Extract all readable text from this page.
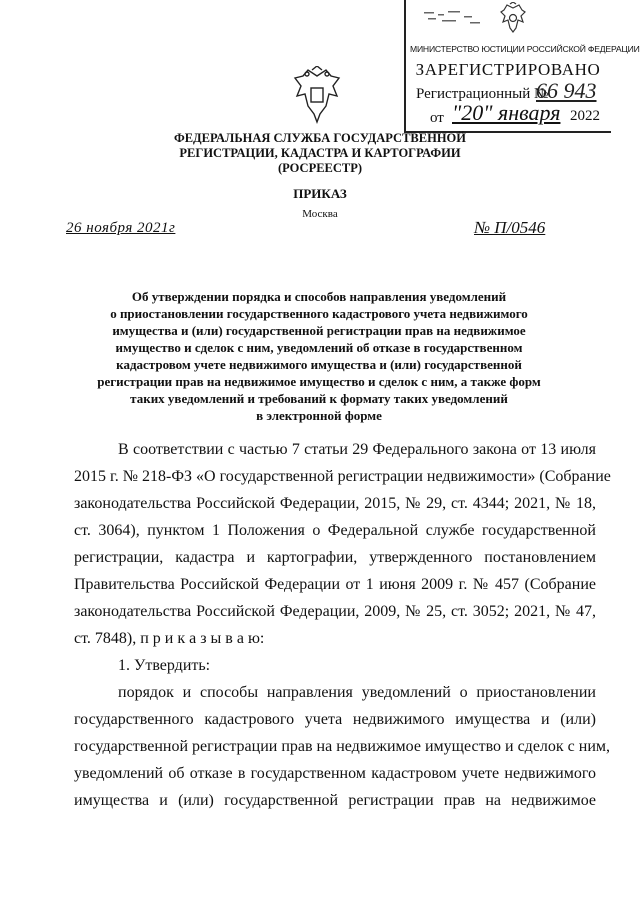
МИНИСТЕРСТВО ЮСТИЦИИ РОССИЙСКОЙ ФЕДЕРАЦИИ
ЗАРЕГИСТРИРОВАНО
Регистрационный №
66 943
от "20" января 2022
ФЕДЕРАЛЬНАЯ СЛУЖБА ГОСУДАРСТВЕННОЙ
РЕГИСТРАЦИИ, КАДАСТРА И КАРТОГРАФИИ
(РОСРЕЕСТР)
ПРИКАЗ
Москва
26 ноября 2021г	№ П/0546
Об утверждении порядка и способов направления уведомлений
о приостановлении государственного кадастрового учета недвижимого
имущества и (или) государственной регистрации прав на недвижимое
имущество и сделок с ним, уведомлений об отказе в государственном
кадастровом учете недвижимого имущества и (или) государственной
регистрации прав на недвижимое имущество и сделок с ним, а также форм
таких уведомлений и требований к формату таких уведомлений
в электронной форме
В соответствии с частью 7 статьи 29 Федерального закона от 13 июля
2015 г. № 218-ФЗ «О государственной регистрации недвижимости» (Собрание
законодательства Российской Федерации, 2015, № 29, ст. 4344; 2021, № 18,
ст. 3064), пунктом 1 Положения о Федеральной службе государственной
регистрации, кадастра и картографии, утвержденного постановлением
Правительства Российской Федерации от 1 июня 2009 г. № 457 (Собрание
законодательства Российской Федерации, 2009, № 25, ст. 3052; 2021, № 47,
ст. 7848), п р и к а з ы в а ю:
1. Утвердить:
порядок и способы направления уведомлений о приостановлении
государственного кадастрового учета недвижимого имущества и (или)
государственной регистрации прав на недвижимое имущество и сделок с ним,
уведомлений об отказе в государственном кадастровом учете недвижимого
имущества и (или) государственной регистрации прав на недвижимое
